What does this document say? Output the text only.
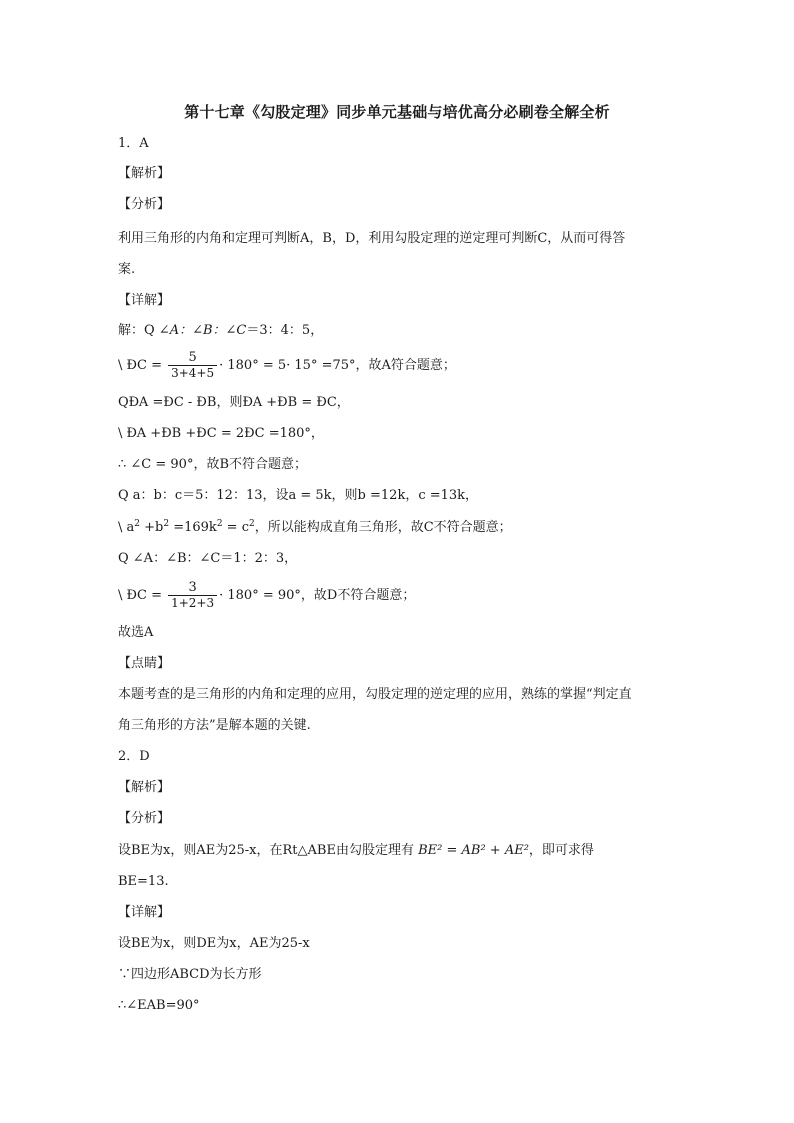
第十七章《勾股定理》同步单元基础与培优高分必刷卷全解全析
1．A
【解析】
【分析】
利用三角形的内角和定理可判断A，B，D，利用勾股定理的逆定理可判断C，从而可得答
案.
【详解】
解：Q ∠A：∠B：∠C＝3：4：5，
\ ÐC = $\frac{5}{3+4+5} \cdot 180^\circ = 5\cdot 15^\circ =75^\circ$，故A符合题意；
QÐA =ÐC - ÐB，则ÐA +ÐB = ÐC，
\ ÐA +ÐB +ÐC = 2ÐC =180°，
∴ ∠C = 90°，故B不符合题意；
Q a：b：c＝5：12：13，设a = 5k，则b =12k，c =13k，
\ $a^2 +b^2 =169k^2 = c^2$，所以能构成直角三角形，故C不符合题意；
Q ∠A：∠B：∠C＝1：2：3，
\ ÐC = $\frac{3}{1+2+3} \cdot 180^\circ = 90^\circ$，故D不符合题意；
故选A
【点睛】
本题考查的是三角形的内角和定理的应用，勾股定理的逆定理的应用，熟练的掌握“判定直
角三角形的方法”是解本题的关键.
2．D
【解析】
【分析】
设BE为x，则AE为25-x，在Rt△ABE由勾股定理有 BE² = AB² + AE²，即可求得
BE=13.
【详解】
设BE为x，则DE为x，AE为25-x
∵四边形ABCD为长方形
∴∠EAB=90°
